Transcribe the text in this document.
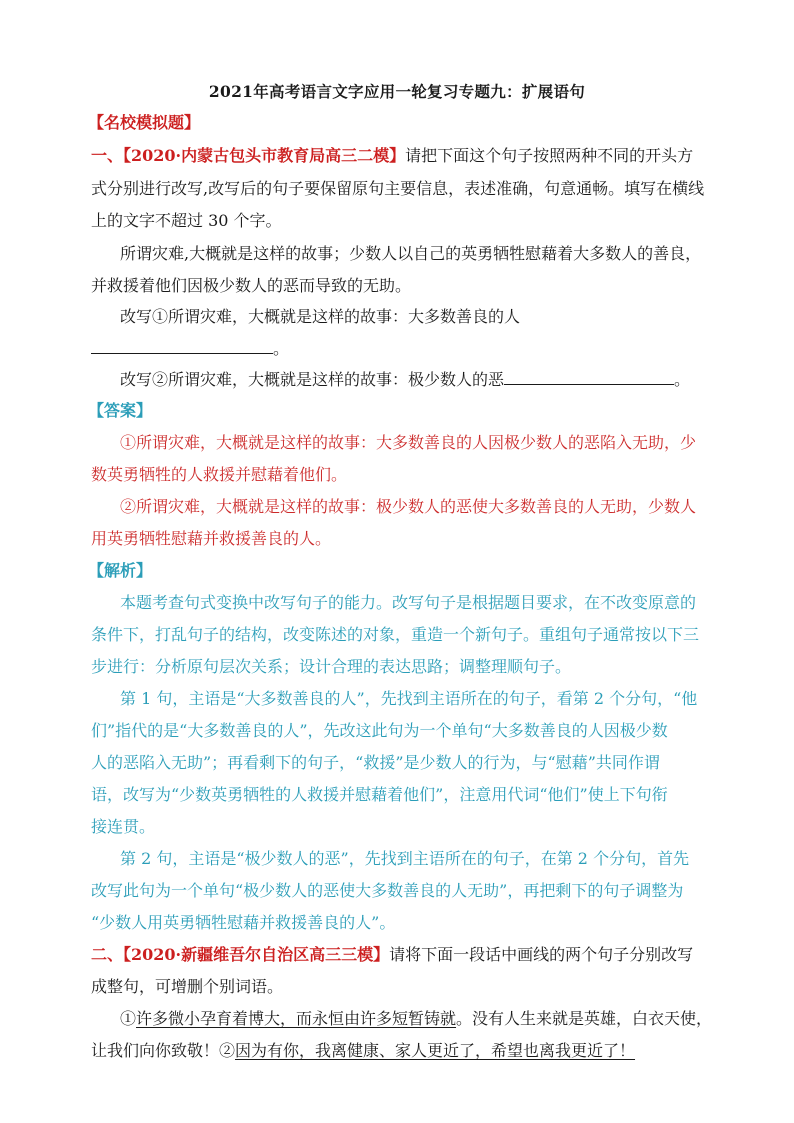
2021年高考语言文字应用一轮复习专题九：扩展语句
【名校模拟题】
一、【2020·内蒙古包头市教育局高三二模】请把下面这个句子按照两种不同的开头方
式分别进行改写,改写后的句子要保留原句主要信息，表述准确，句意通畅。填写在横线
上的文字不超过 30 个字。
所谓灾难,大概就是这样的故事；少数人以自己的英勇牺牲慰藉着大多数人的善良，
并救援着他们因极少数人的恶而导致的无助。
改写①所谓灾难，大概就是这样的故事：大多数善良的人
。
改写②所谓灾难，大概就是这样的故事：极少数人的恶	。
【答案】
①所谓灾难，大概就是这样的故事：大多数善良的人因极少数人的恶陷入无助，少
数英勇牺牲的人救援并慰藉着他们。
②所谓灾难，大概就是这样的故事：极少数人的恶使大多数善良的人无助，少数人
用英勇牺牲慰藉并救援善良的人。
【解析】
本题考查句式变换中改写句子的能力。改写句子是根据题目要求，在不改变原意的
条件下，打乱句子的结构，改变陈述的对象，重造一个新句子。重组句子通常按以下三
步进行：分析原句层次关系；设计合理的表达思路；调整理顺句子。
第 1 句，主语是“大多数善良的人”，先找到主语所在的句子，看第 2 个分句，“他
们”指代的是“大多数善良的人”，先改这此句为一个单句“大多数善良的人因极少数
人的恶陷入无助”；再看剩下的句子，“救援”是少数人的行为，与“慰藉”共同作谓
语，改写为“少数英勇牺牲的人救援并慰藉着他们”，注意用代词“他们”使上下句衔
接连贯。
第 2 句，主语是“极少数人的恶”，先找到主语所在的句子，在第 2 个分句，首先
改写此句为一个单句“极少数人的恶使大多数善良的人无助”，再把剩下的句子调整为
“少数人用英勇牺牲慰藉并救援善良的人”。
二、【2020·新疆维吾尔自治区高三三模】请将下面一段话中画线的两个句子分别改写
成整句，可增删个别词语。
①许多微小孕育着博大，而永恒由许多短暂铸就。没有人生来就是英雄，白衣天使，
让我们向你致敬！②因为有你，我离健康、家人更近了，希望也离我更近了！
